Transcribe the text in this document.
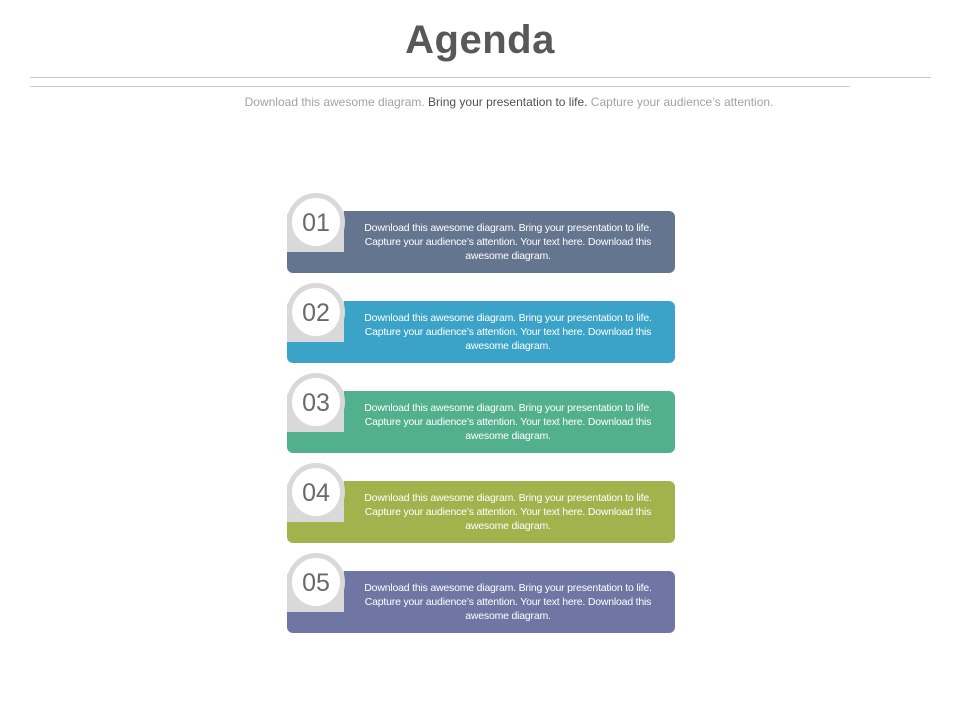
Agenda
Download this awesome diagram. Bring your presentation to life. Capture your audience’s attention.
01	Download this awesome diagram. Bring your presentation to life. Capture your audience’s attention. Your text here. Download this awesome diagram.
02	Download this awesome diagram. Bring your presentation to life. Capture your audience’s attention. Your text here. Download this awesome diagram.
03	Download this awesome diagram. Bring your presentation to life. Capture your audience’s attention. Your text here. Download this awesome diagram.
04	Download this awesome diagram. Bring your presentation to life. Capture your audience’s attention. Your text here. Download this awesome diagram.
05	Download this awesome diagram. Bring your presentation to life. Capture your audience’s attention. Your text here. Download this awesome diagram.
